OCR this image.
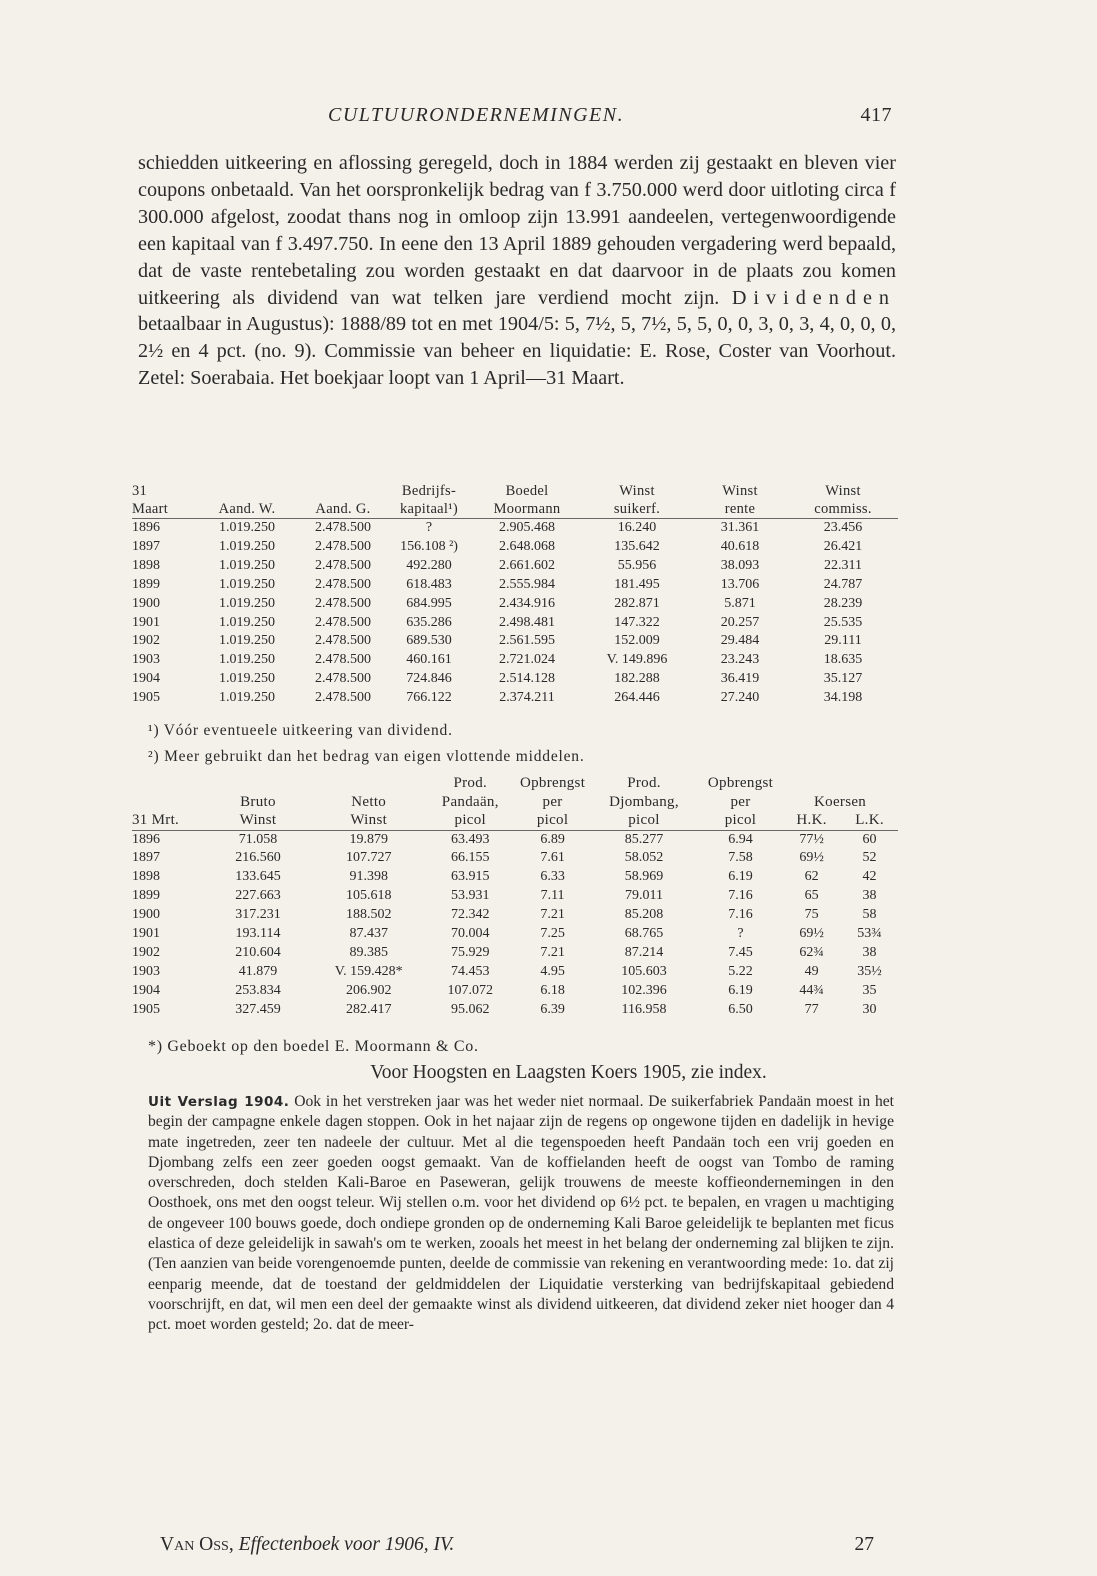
CULTUURONDERNEMINGEN.	417

schiedden uitkeering en aflossing geregeld, doch in 1884 werden zij gestaakt en bleven vier coupons onbetaald. Van het oorspronkelijk bedrag van f 3.750.000 werd door uitloting circa f 300.000 afgelost, zoodat thans nog in omloop zijn 13.991 aandeelen, vertegenwoordigende een kapitaal van f 3.497.750. In eene den 13 April 1889 gehouden vergadering werd bepaald, dat de vaste rentebetaling zou worden gestaakt en dat daarvoor in de plaats zou komen uitkeering als dividend van wat telken jare verdiend mocht zijn. Dividenden betaalbaar in Augustus): 1888/89 tot en met 1904/5: 5, 7½, 5, 7½, 5, 5, 0, 0, 3, 0, 3, 4, 0, 0, 0, 2½ en 4 pct. (no. 9). Commissie van beheer en liquidatie: E. Rose, Coster van Voorhout. Zetel: Soerabaia. Het boekjaar loopt van 1 April—31 Maart.

31			Bedrijfs-	Boedel	Winst	Winst	Winst
Maart	Aand. W.	Aand. G.	kapitaal¹)	Moormann	suikerf.	rente	commiss.
1896	1.019.250	2.478.500	?	2.905.468	16.240	31.361	23.456
1897	1.019.250	2.478.500	156.108 ²)	2.648.068	135.642	40.618	26.421
1898	1.019.250	2.478.500	492.280	2.661.602	55.956	38.093	22.311
1899	1.019.250	2.478.500	618.483	2.555.984	181.495	13.706	24.787
1900	1.019.250	2.478.500	684.995	2.434.916	282.871	5.871	28.239
1901	1.019.250	2.478.500	635.286	2.498.481	147.322	20.257	25.535
1902	1.019.250	2.478.500	689.530	2.561.595	152.009	29.484	29.111
1903	1.019.250	2.478.500	460.161	2.721.024	V. 149.896	23.243	18.635
1904	1.019.250	2.478.500	724.846	2.514.128	182.288	36.419	35.127
1905	1.019.250	2.478.500	766.122	2.374.211	264.446	27.240	34.198
¹) Vóór eventueele uitkeering van dividend.
²) Meer gebruikt dan het bedrag van eigen vlottende middelen.
			Prod.	Opbrengst	Prod.	Opbrengst		
	Bruto	Netto	Pandaän,	per	Djombang,	per	Koersen	
31 Mrt.	Winst	Winst	picol	picol	picol	picol	H.K.	L.K.
1896	71.058	19.879	63.493	6.89	85.277	6.94	77½	60
1897	216.560	107.727	66.155	7.61	58.052	7.58	69½	52
1898	133.645	91.398	63.915	6.33	58.969	6.19	62	42
1899	227.663	105.618	53.931	7.11	79.011	7.16	65	38
1900	317.231	188.502	72.342	7.21	85.208	7.16	75	58
1901	193.114	87.437	70.004	7.25	68.765	?	69½	53¾
1902	210.604	89.385	75.929	7.21	87.214	7.45	62¾	38
1903	41.879	V. 159.428*	74.453	4.95	105.603	5.22	49	35½
1904	253.834	206.902	107.072	6.18	102.396	6.19	44¾	35
1905	327.459	282.417	95.062	6.39	116.958	6.50	77	30
*) Geboekt op den boedel E. Moormann & Co.
Voor Hoogsten en Laagsten Koers 1905, zie index.

Uit Verslag 1904. Ook in het verstreken jaar was het weder niet normaal. De suikerfabriek Pandaän moest in het begin der campagne enkele dagen stoppen. Ook in het najaar zijn de regens op ongewone tijden en dadelijk in hevige mate ingetreden, zeer ten nadeele der cultuur. Met al die tegenspoeden heeft Pandaän toch een vrij goeden en Djombang zelfs een zeer goeden oogst gemaakt. Van de koffielanden heeft de oogst van Tombo de raming overschreden, doch stelden Kali-Baroe en Paseweran, gelijk trouwens de meeste koffieondernemingen in den Oosthoek, ons met den oogst teleur. Wij stellen o.m. voor het dividend op 6½ pct. te bepalen, en vragen u machtiging de ongeveer 100 bouws goede, doch ondiepe gronden op de onderneming Kali Baroe geleidelijk te beplanten met ficus elastica of deze geleidelijk in sawah's om te werken, zooals het meest in het belang der onderneming zal blijken te zijn. (Ten aanzien van beide vorengenoemde punten, deelde de commissie van rekening en verantwoording mede: 1o. dat zij eenparig meende, dat de toestand der geldmiddelen der Liquidatie versterking van bedrijfskapitaal gebiedend voorschrijft, en dat, wil men een deel der gemaakte winst als dividend uitkeeren, dat dividend zeker niet hooger dan 4 pct. moet worden gesteld; 2o. dat de meer-

Van Oss, Effectenboek voor 1906, IV.	27
